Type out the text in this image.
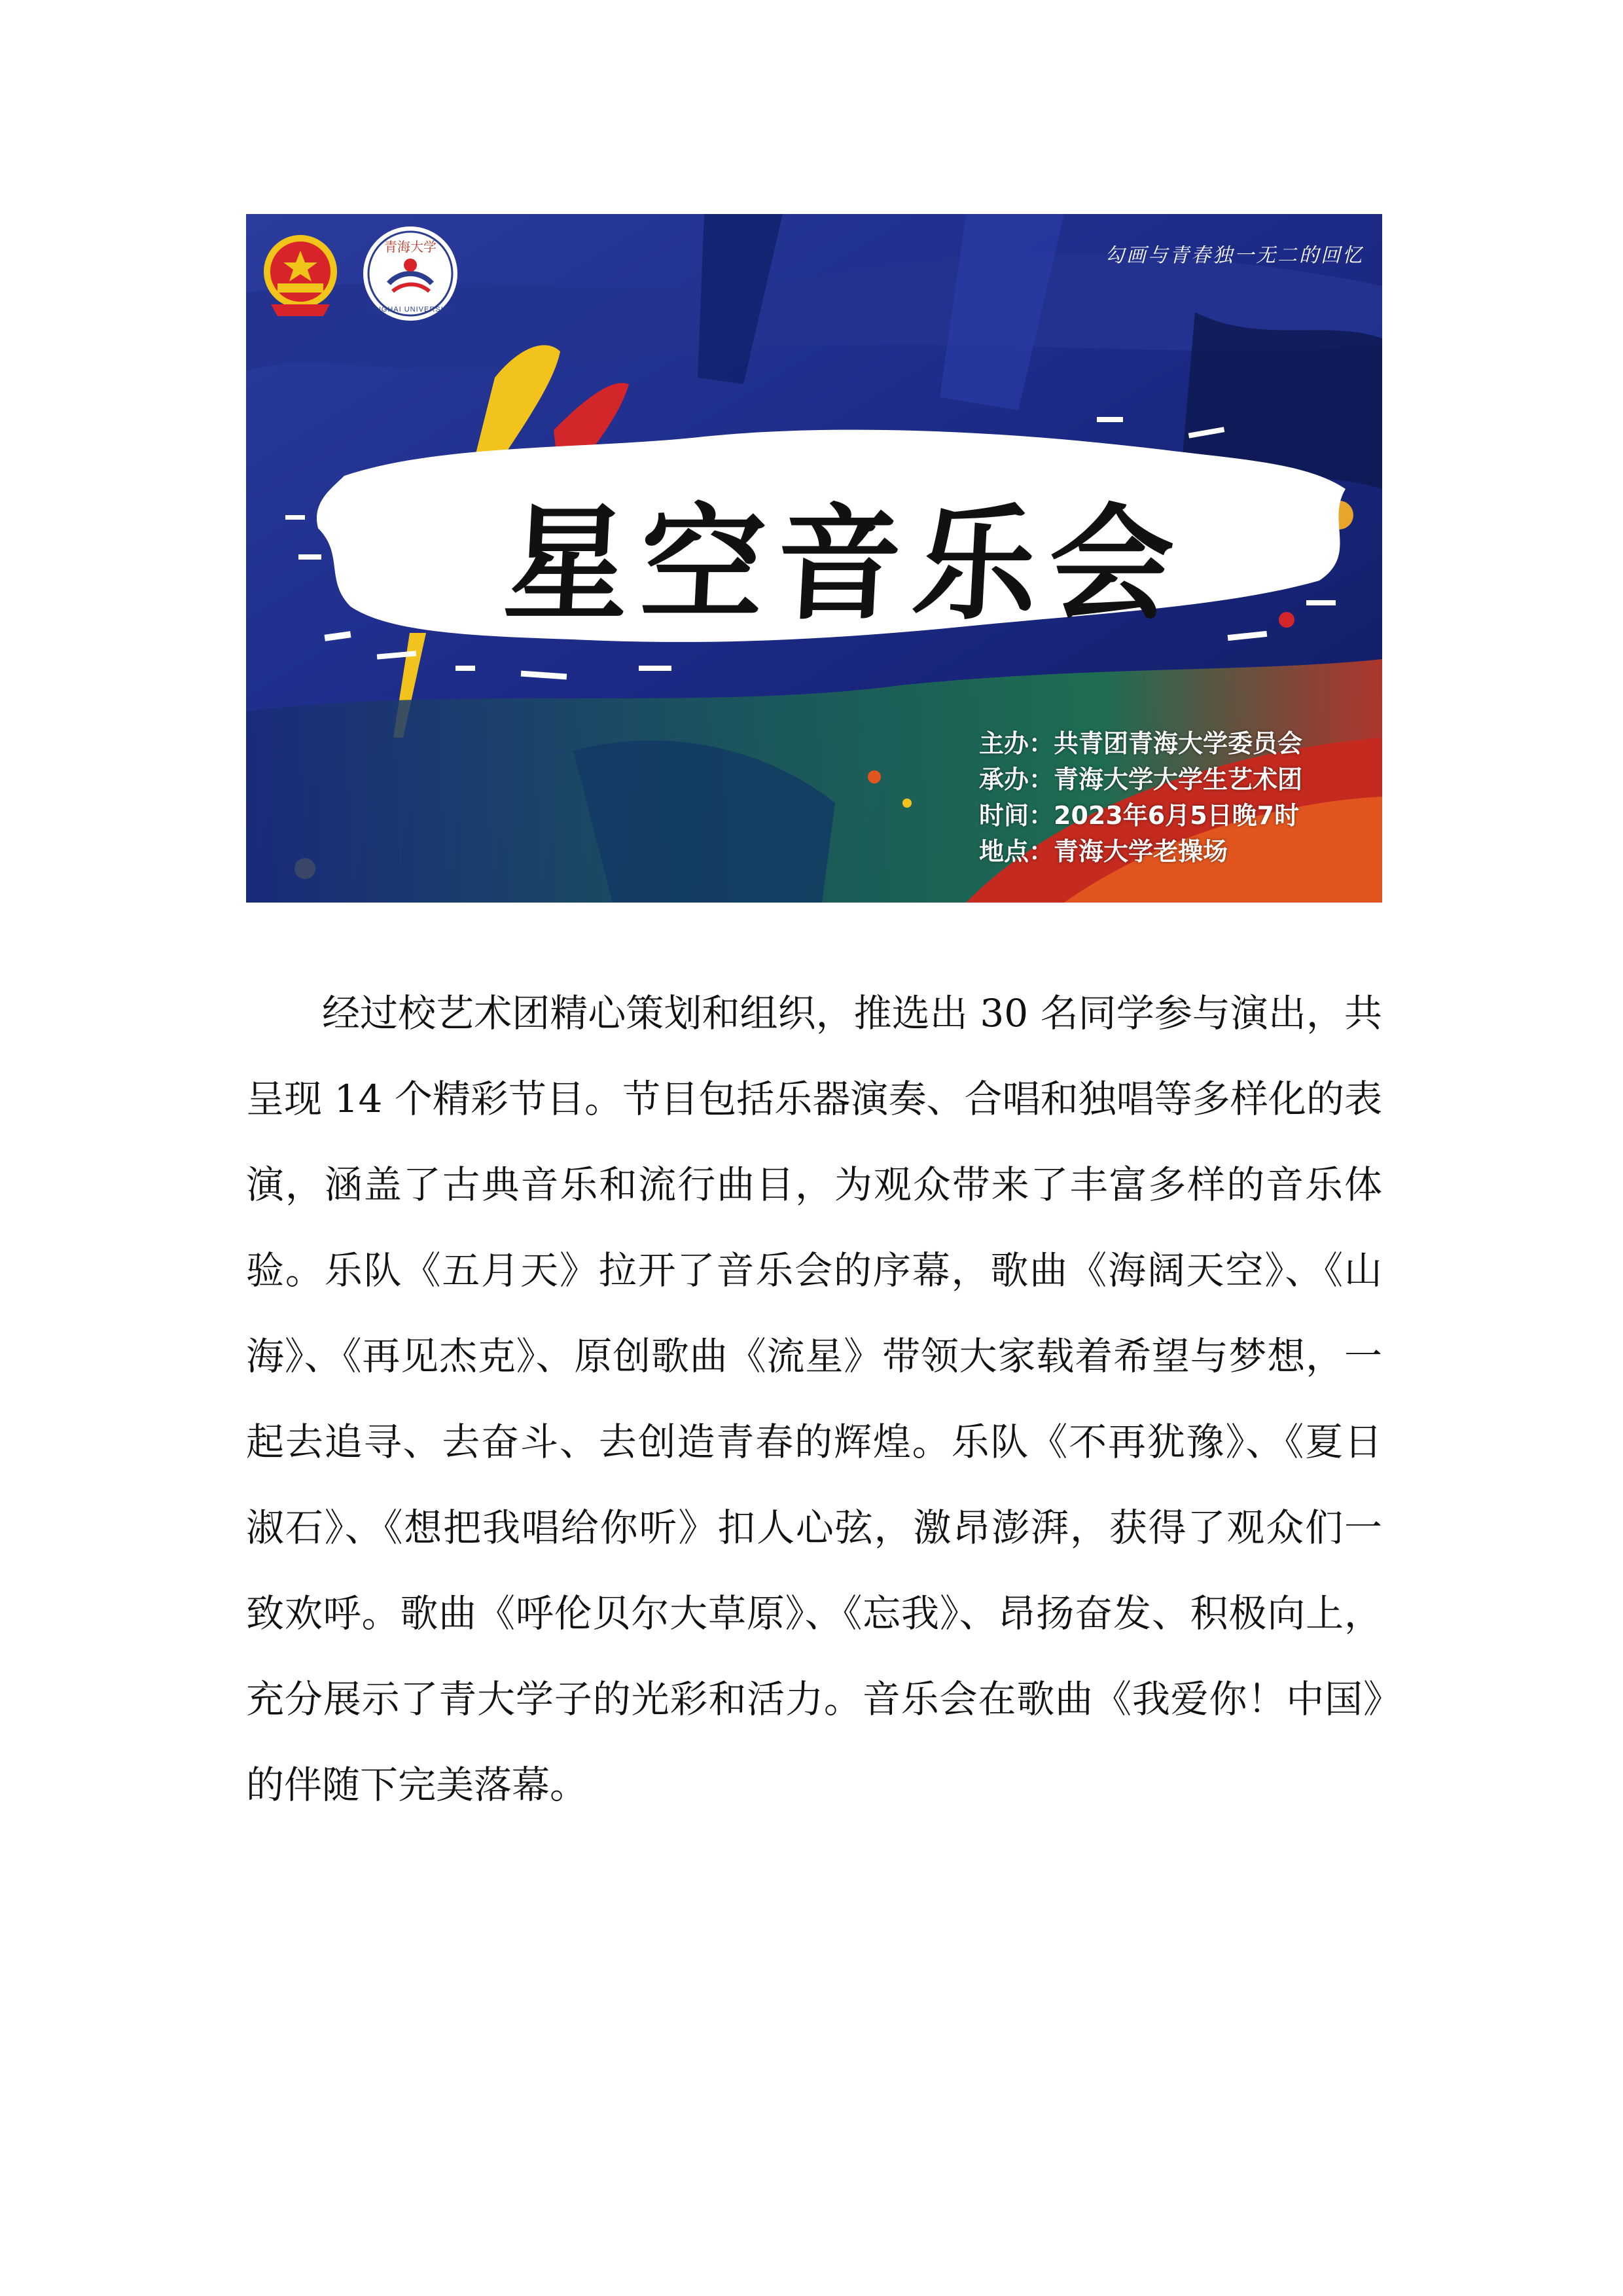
青海大学
QINGHAI UNIVERSITY
勾画与青春独一无二的回忆
星空音乐会
主办：共青团青海大学委员会
承办：青海大学大学生艺术团
时间：2023年6月5日晚7时
地点：青海大学老操场

经过校艺术团精心策划和组织，推选出 30 名同学参与演出，共呈现 14 个精彩节目。节目包括乐器演奏、合唱和独唱等多样化的表演，涵盖了古典音乐和流行曲目，为观众带来了丰富多样的音乐体验。乐队《五月天》拉开了音乐会的序幕，歌曲《海阔天空》、《山海》、《再见杰克》、原创歌曲《流星》带领大家载着希望与梦想，一起去追寻、去奋斗、去创造青春的辉煌。乐队《不再犹豫》、《夏日淑石》、《想把我唱给你听》扣人心弦，激昂澎湃，获得了观众们一致欢呼。歌曲《呼伦贝尔大草原》、《忘我》、昂扬奋发、积极向上，充分展示了青大学子的光彩和活力。音乐会在歌曲《我爱你！中国》的伴随下完美落幕。
